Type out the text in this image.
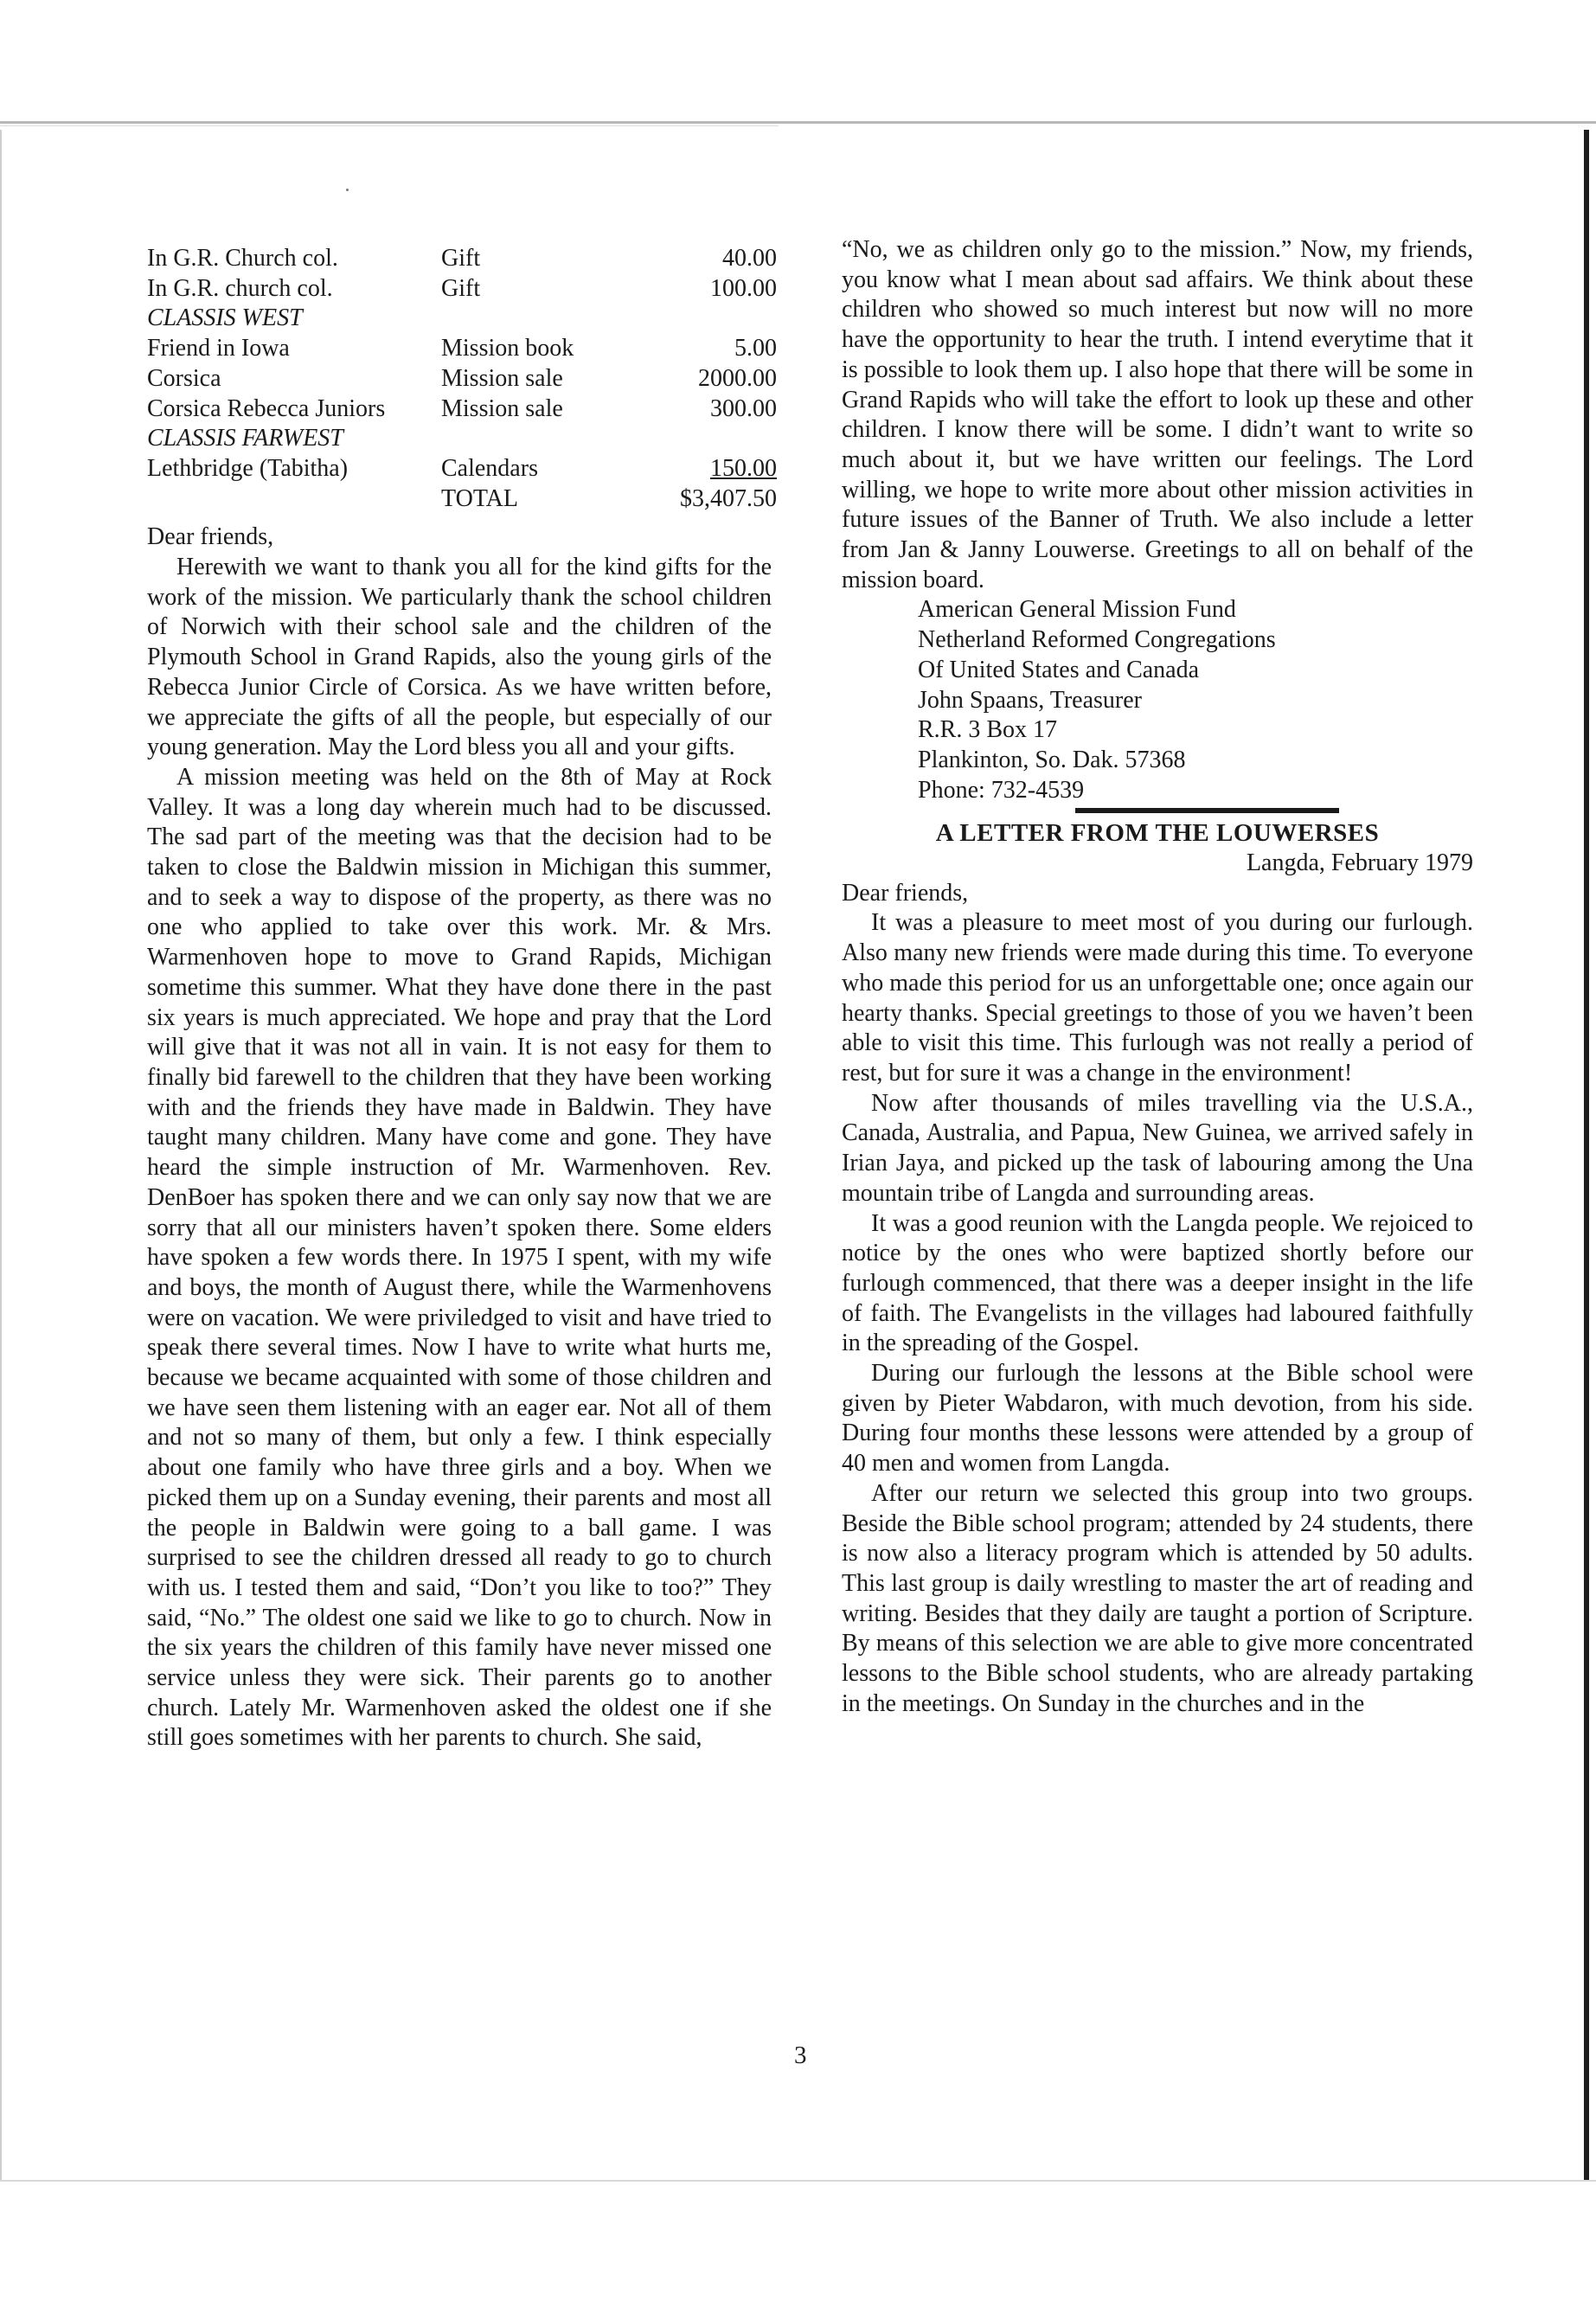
In G.R. Church col.	Gift	40.00
In G.R. church col.	Gift	100.00
CLASSIS WEST		
Friend in Iowa	Mission book	5.00
Corsica	Mission sale	2000.00
Corsica Rebecca Juniors	Mission sale	300.00
CLASSIS FARWEST		
Lethbridge (Tabitha)	Calendars	150.00
	TOTAL	$3,407.50

Dear friends,

Herewith we want to thank you all for the kind gifts for the work of the mission. We particularly thank the school children of Norwich with their school sale and the children of the Plymouth School in Grand Rapids, also the young girls of the Rebecca Junior Circle of Corsica. As we have written before, we appreciate the gifts of all the people, but especially of our young generation. May the Lord bless you all and your gifts.

A mission meeting was held on the 8th of May at Rock Valley. It was a long day wherein much had to be discussed. The sad part of the meeting was that the decision had to be taken to close the Baldwin mission in Michigan this summer, and to seek a way to dispose of the property, as there was no one who applied to take over this work. Mr. & Mrs. Warmenhoven hope to move to Grand Rapids, Michigan sometime this summer. What they have done there in the past six years is much appreciated. We hope and pray that the Lord will give that it was not all in vain. It is not easy for them to finally bid farewell to the children that they have been working with and the friends they have made in Baldwin. They have taught many children. Many have come and gone. They have heard the simple instruction of Mr. Warmenhoven. Rev. DenBoer has spoken there and we can only say now that we are sorry that all our ministers haven’t spoken there. Some elders have spoken a few words there. In 1975 I spent, with my wife and boys, the month of August there, while the Warmenhovens were on vacation. We were priviledged to visit and have tried to speak there several times. Now I have to write what hurts me, because we became acquainted with some of those children and we have seen them listening with an eager ear. Not all of them and not so many of them, but only a few. I think especially about one family who have three girls and a boy. When we picked them up on a Sunday evening, their parents and most all the people in Baldwin were going to a ball game. I was surprised to see the children dressed all ready to go to church with us. I tested them and said, “Don’t you like to too?” They said, “No.” The oldest one said we like to go to church. Now in the six years the children of this family have never missed one service unless they were sick. Their parents go to another church. Lately Mr. Warmenhoven asked the oldest one if she still goes sometimes with her parents to church. She said,

“No, we as children only go to the mission.” Now, my friends, you know what I mean about sad affairs. We think about these children who showed so much interest but now will no more have the opportunity to hear the truth. I intend everytime that it is possible to look them up. I also hope that there will be some in Grand Rapids who will take the effort to look up these and other children. I know there will be some. I didn’t want to write so much about it, but we have written our feelings. The Lord willing, we hope to write more about other mission activities in future issues of the Banner of Truth. We also include a letter from Jan & Janny Louwerse. Greetings to all on behalf of the mission board.

American General Mission Fund
Netherland Reformed Congregations
Of United States and Canada
John Spaans, Treasurer
R.R. 3 Box 17
Plankinton, So. Dak. 57368
Phone: 732-4539
A LETTER FROM THE LOUWERSES

Langda, February 1979

Dear friends,

It was a pleasure to meet most of you during our furlough. Also many new friends were made during this time. To everyone who made this period for us an unforgettable one; once again our hearty thanks. Special greetings to those of you we haven’t been able to visit this time. This furlough was not really a period of rest, but for sure it was a change in the environment!

Now after thousands of miles travelling via the U.S.A., Canada, Australia, and Papua, New Guinea, we arrived safely in Irian Jaya, and picked up the task of labouring among the Una mountain tribe of Langda and surrounding areas.

It was a good reunion with the Langda people. We rejoiced to notice by the ones who were baptized shortly before our furlough commenced, that there was a deeper insight in the life of faith. The Evangelists in the villages had laboured faithfully in the spreading of the Gospel.

During our furlough the lessons at the Bible school were given by Pieter Wabdaron, with much devotion, from his side. During four months these lessons were attended by a group of 40 men and women from Langda.

After our return we selected this group into two groups. Beside the Bible school program; attended by 24 students, there is now also a literacy program which is attended by 50 adults. This last group is daily wrestling to master the art of reading and writing. Besides that they daily are taught a portion of Scripture. By means of this selection we are able to give more concentrated lessons to the Bible school students, who are already partaking in the meetings. On Sunday in the churches and in the

3
